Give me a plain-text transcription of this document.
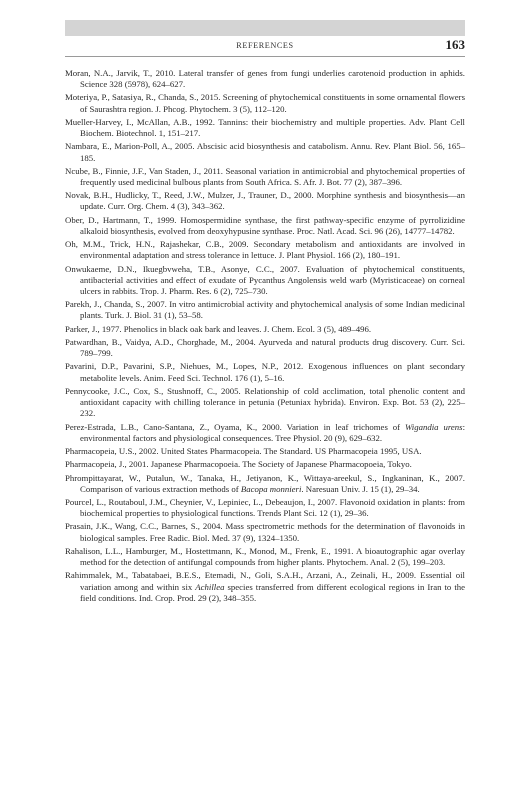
REFERENCES	163
Moran, N.A., Jarvik, T., 2010. Lateral transfer of genes from fungi underlies carotenoid production in aphids. Science 328 (5978), 624–627.
Moteriya, P., Satasiya, R., Chanda, S., 2015. Screening of phytochemical constituents in some ornamental flowers of Saurashtra region. J. Phcog. Phytochem. 3 (5), 112–120.
Mueller-Harvey, I., McAllan, A.B., 1992. Tannins: their biochemistry and multiple properties. Adv. Plant Cell Biochem. Biotechnol. 1, 151–217.
Nambara, E., Marion-Poll, A., 2005. Abscisic acid biosynthesis and catabolism. Annu. Rev. Plant Biol. 56, 165–185.
Ncube, B., Finnie, J.F., Van Staden, J., 2011. Seasonal variation in antimicrobial and phytochemical properties of frequently used medicinal bulbous plants from South Africa. S. Afr. J. Bot. 77 (2), 387–396.
Novak, B.H., Hudlicky, T., Reed, J.W., Mulzer, J., Trauner, D., 2000. Morphine synthesis and biosynthesis—an update. Curr. Org. Chem. 4 (3), 343–362.
Ober, D., Hartmann, T., 1999. Homospermidine synthase, the first pathway-specific enzyme of pyrrolizidine alkaloid biosynthesis, evolved from deoxyhypusine synthase. Proc. Natl. Acad. Sci. 96 (26), 14777–14782.
Oh, M.M., Trick, H.N., Rajashekar, C.B., 2009. Secondary metabolism and antioxidants are involved in environmental adaptation and stress tolerance in lettuce. J. Plant Physiol. 166 (2), 180–191.
Onwukaeme, D.N., Ikuegbvweha, T.B., Asonye, C.C., 2007. Evaluation of phytochemical constituents, antibacterial activities and effect of exudate of Pycanthus Angolensis weld warb (Myristicaceae) on corneal ulcers in rabbits. Trop. J. Pharm. Res. 6 (2), 725–730.
Parekh, J., Chanda, S., 2007. In vitro antimicrobial activity and phytochemical analysis of some Indian medicinal plants. Turk. J. Biol. 31 (1), 53–58.
Parker, J., 1977. Phenolics in black oak bark and leaves. J. Chem. Ecol. 3 (5), 489–496.
Patwardhan, B., Vaidya, A.D., Chorghade, M., 2004. Ayurveda and natural products drug discovery. Curr. Sci. 789–799.
Pavarini, D.P., Pavarini, S.P., Niehues, M., Lopes, N.P., 2012. Exogenous influences on plant secondary metabolite levels. Anim. Feed Sci. Technol. 176 (1), 5–16.
Pennycooke, J.C., Cox, S., Stushnoff, C., 2005. Relationship of cold acclimation, total phenolic content and antioxidant capacity with chilling tolerance in petunia (Petuniax hybrida). Environ. Exp. Bot. 53 (2), 225–232.
Perez-Estrada, L.B., Cano-Santana, Z., Oyama, K., 2000. Variation in leaf trichomes of Wigandia urens: environmental factors and physiological consequences. Tree Physiol. 20 (9), 629–632.
Pharmacopeia, U.S., 2002. United States Pharmacopeia. The Standard. US Pharmacopeia 1995, USA.
Pharmacopeia, J., 2001. Japanese Pharmacopoeia. The Society of Japanese Pharmacopoeia, Tokyo.
Phrompittayarat, W., Putalun, W., Tanaka, H., Jetiyanon, K., Wittaya-areekul, S., Ingkaninan, K., 2007. Comparison of various extraction methods of Bacopa monnieri. Naresuan Univ. J. 15 (1), 29–34.
Pourcel, L., Routaboul, J.M., Cheynier, V., Lepiniec, L., Debeaujon, I., 2007. Flavonoid oxidation in plants: from biochemical properties to physiological functions. Trends Plant Sci. 12 (1), 29–36.
Prasain, J.K., Wang, C.C., Barnes, S., 2004. Mass spectrometric methods for the determination of flavonoids in biological samples. Free Radic. Biol. Med. 37 (9), 1324–1350.
Rahalison, L.L., Hamburger, M., Hostettmann, K., Monod, M., Frenk, E., 1991. A bioautographic agar overlay method for the detection of antifungal compounds from higher plants. Phytochem. Anal. 2 (5), 199–203.
Rahimmalek, M., Tabatabaei, B.E.S., Etemadi, N., Goli, S.A.H., Arzani, A., Zeinali, H., 2009. Essential oil variation among and within six Achillea species transferred from different ecological regions in Iran to the field conditions. Ind. Crop. Prod. 29 (2), 348–355.
